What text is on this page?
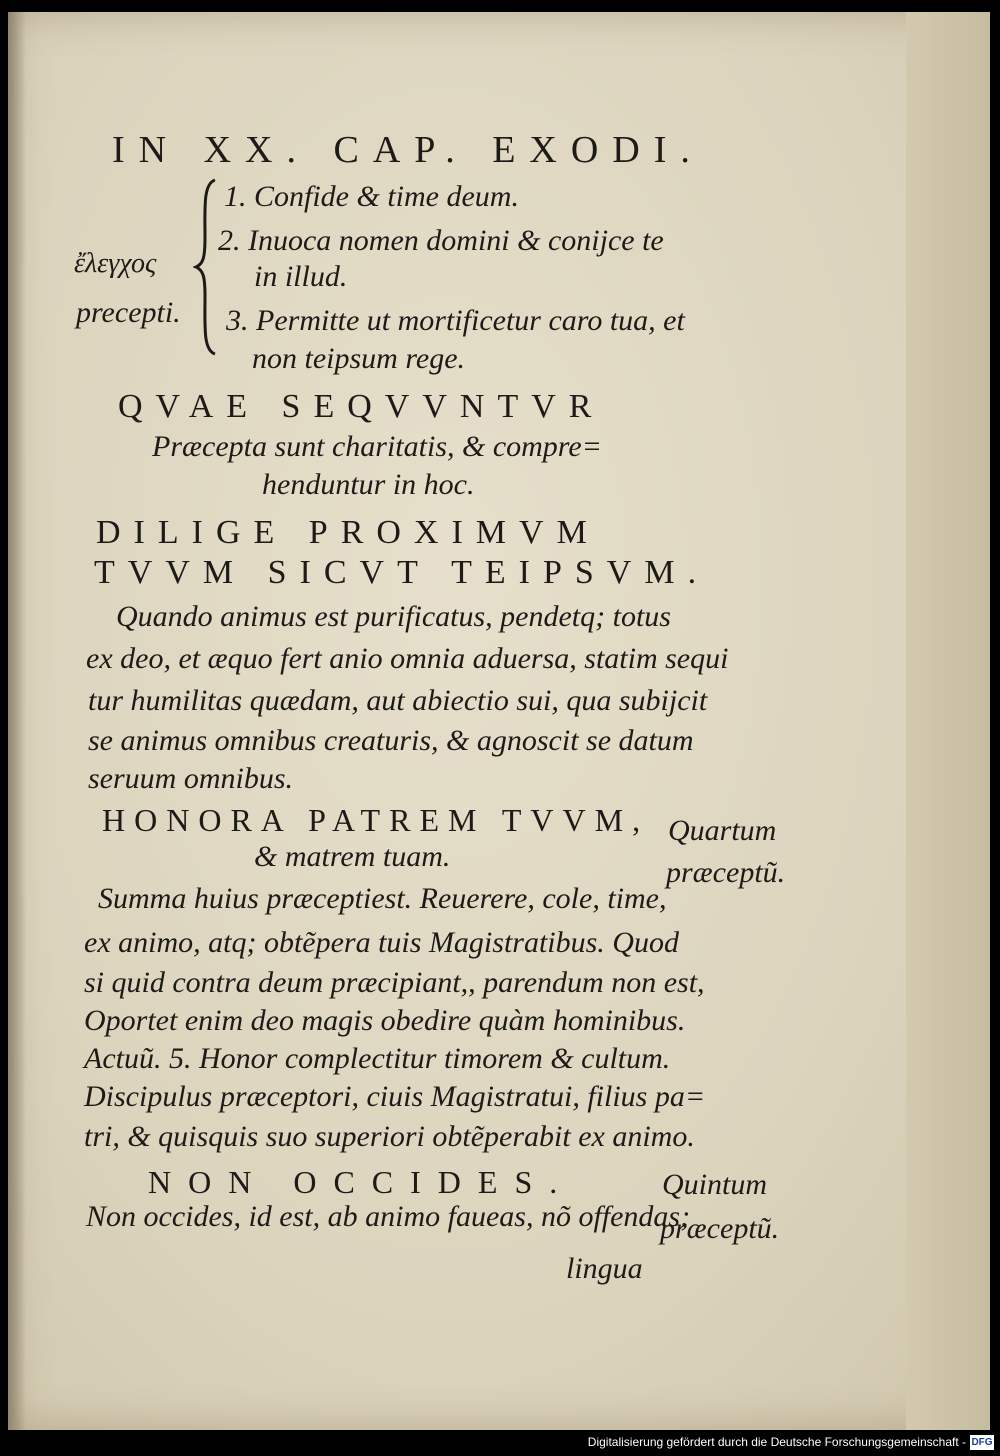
IN XX. CAP. EXODI.
ἔλεγχος
precepti.
1. Confide & time deum.
2. Inuoca nomen domini & conijce te
in illud.
3. Permitte ut mortificetur caro tua, et
non teipsum rege.
QVAE SEQVVNTVR
Præcepta sunt charitatis, & compre=
henduntur in hoc.
DILIGE PROXIMVM
TVVM SICVT TEIPSVM.
Quando animus est purificatus, pendetq; totus
ex deo, et æquo fert anio omnia aduersa, statim sequi
tur humilitas quædam, aut abiectio sui, qua subijcit
se animus omnibus creaturis, & agnoscit se datum
seruum omnibus.
HONORA PATREM TVVM,
& matrem tuam.
Quartum
præceptũ.
Summa huius præceptiest. Reuerere, cole, time,
ex animo, atq; obtẽpera tuis Magistratibus. Quod
si quid contra deum præcipiant,, parendum non est,
Oportet enim deo magis obedire quàm hominibus.
Actuũ. 5. Honor complectitur timorem & cultum.
Discipulus præceptori, ciuis Magistratui, filius pa=
tri, & quisquis suo superiori obtẽperabit ex animo.
NON OCCIDES.	Quintum
præceptũ.
Non occides, id est, ab animo faueas, nõ offendas;
lingua
Digitalisierung gefördert durch die Deutsche Forschungsgemeinschaft - DFG
